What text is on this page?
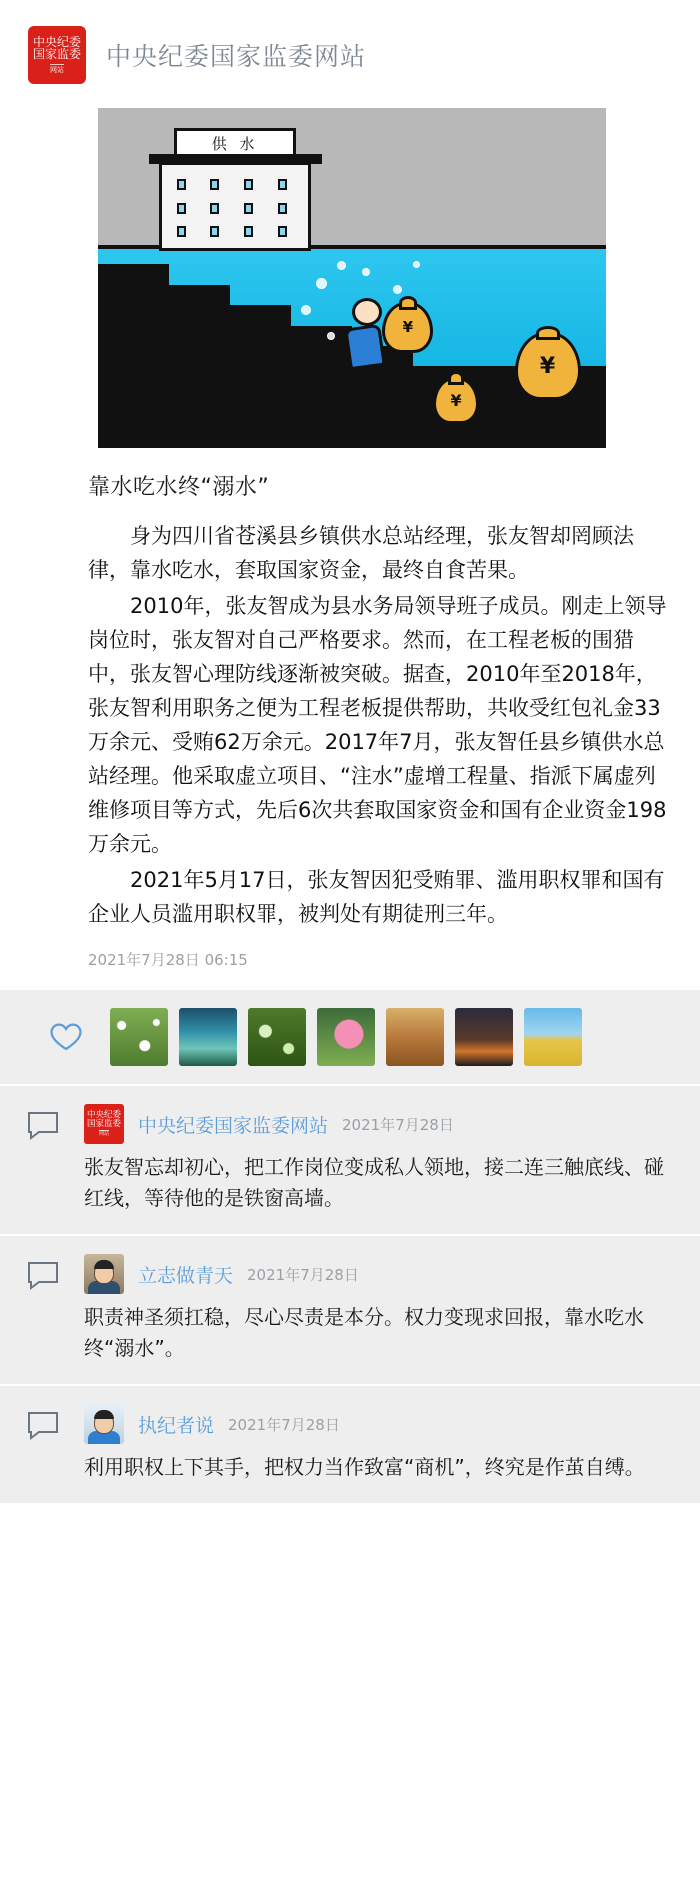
中央纪委
国家监委
网站 中央纪委国家监委网站
供 水
¥
¥
¥
靠水吃水终“溺水”

身为四川省苍溪县乡镇供水总站经理，张友智却罔顾法律，靠水吃水，套取国家资金，最终自食苦果。

2010年，张友智成为县水务局领导班子成员。刚走上领导岗位时，张友智对自己严格要求。然而，在工程老板的围猎中，张友智心理防线逐渐被突破。据查，2010年至2018年，张友智利用职务之便为工程老板提供帮助，共收受红包礼金33万余元、受贿62万余元。2017年7月，张友智任县乡镇供水总站经理。他采取虚立项目、“注水”虚增工程量、指派下属虚列维修项目等方式，先后6次共套取国家资金和国有企业资金198万余元。

2021年5月17日，张友智因犯受贿罪、滥用职权罪和国有企业人员滥用职权罪，被判处有期徒刑三年。

2021年7月28日 06:15
中央纪委
国家监委
网站 中央纪委国家监委网站 2021年7月28日
张友智忘却初心，把工作岗位变成私人领地，接二连三触底线、碰红线，等待他的是铁窗高墙。
立志做青天 2021年7月28日
职责神圣须扛稳，尽心尽责是本分。权力变现求回报，靠水吃水终“溺水”。
执纪者说 2021年7月28日
利用职权上下其手，把权力当作致富“商机”，终究是作茧自缚。
